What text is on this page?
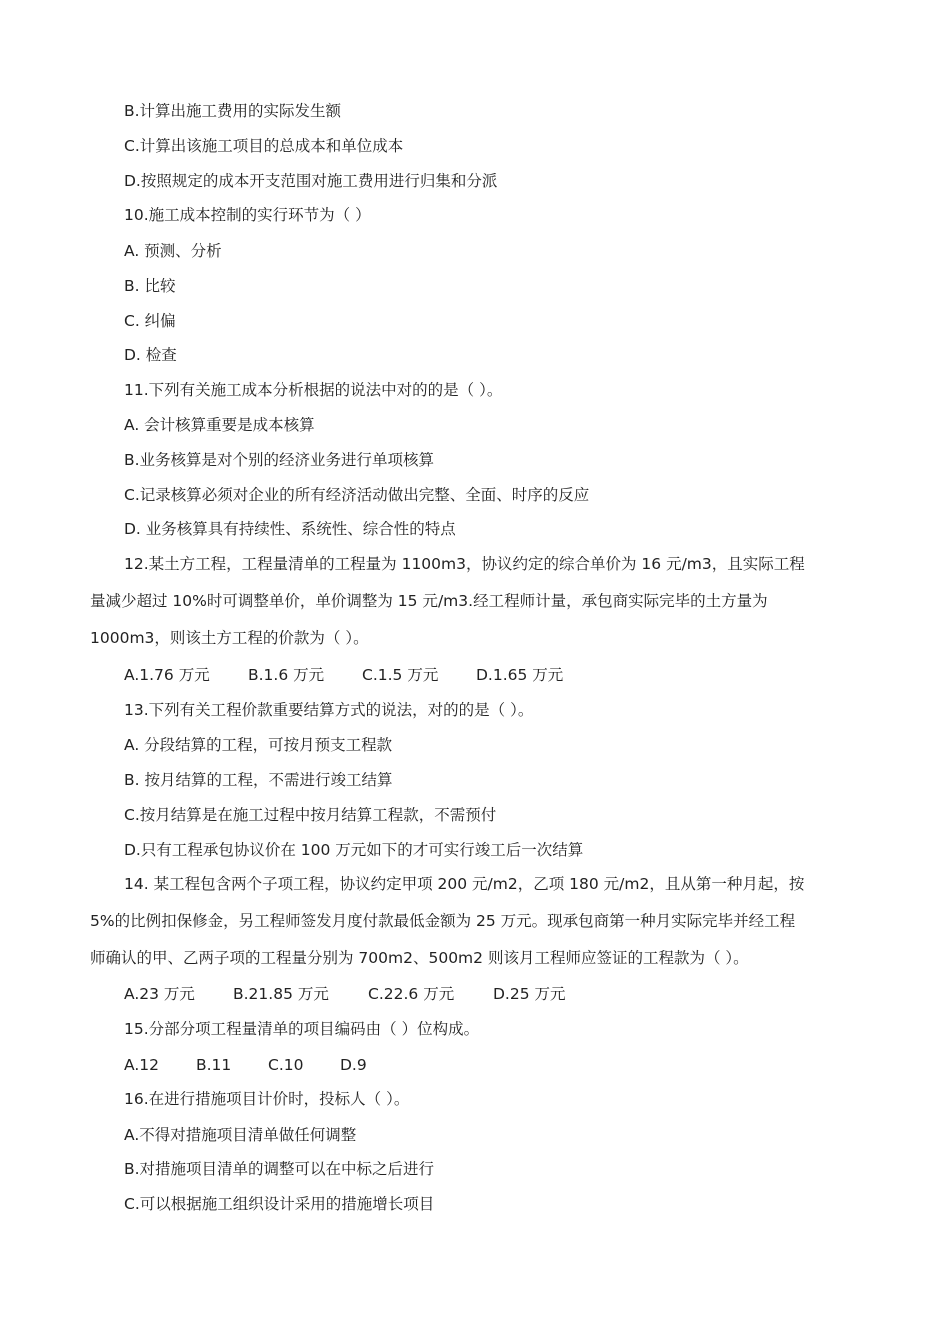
B.计算出施工费用的实际发生额
C.计算出该施工项目的总成本和单位成本
D.按照规定的成本开支范围对施工费用进行归集和分派
10.施工成本控制的实行环节为（ ）
A. 预测、分析
B. 比较
C. 纠偏
D. 检查
11.下列有关施工成本分析根据的说法中对的的是（ ）。
A. 会计核算重要是成本核算
B.业务核算是对个别的经济业务进行单项核算
C.记录核算必须对企业的所有经济活动做出完整、全面、时序的反应
D. 业务核算具有持续性、系统性、综合性的特点
12.某土方工程，工程量清单的工程量为 1100m3，协议约定的综合单价为 16 元/m3，且实际工程
量减少超过 10%时可调整单价，单价调整为 15 元/m3.经工程师计量，承包商实际完毕的土方量为
1000m3，则该土方工程的价款为（ ）。
A.1.76 万元 B.1.6 万元 C.1.5 万元 D.1.65 万元
13.下列有关工程价款重要结算方式的说法，对的的是（ ）。
A. 分段结算的工程，可按月预支工程款
B. 按月结算的工程，不需进行竣工结算
C.按月结算是在施工过程中按月结算工程款，不需预付
D.只有工程承包协议价在 100 万元如下的才可实行竣工后一次结算
14. 某工程包含两个子项工程，协议约定甲项 200 元/m2，乙项 180 元/m2，且从第一种月起，按
5%的比例扣保修金，另工程师签发月度付款最低金额为 25 万元。现承包商第一种月实际完毕并经工程
师确认的甲、乙两子项的工程量分别为 700m2、500m2 则该月工程师应签证的工程款为（ ）。
A.23 万元 B.21.85 万元	C.22.6 万元	D.25 万元
15.分部分项工程量清单的项目编码由（ ）位构成。
A.12 B.11 C.10 D.9
16.在进行措施项目计价时，投标人（ ）。
A.不得对措施项目清单做任何调整
B.对措施项目清单的调整可以在中标之后进行
C.可以根据施工组织设计采用的措施增长项目
